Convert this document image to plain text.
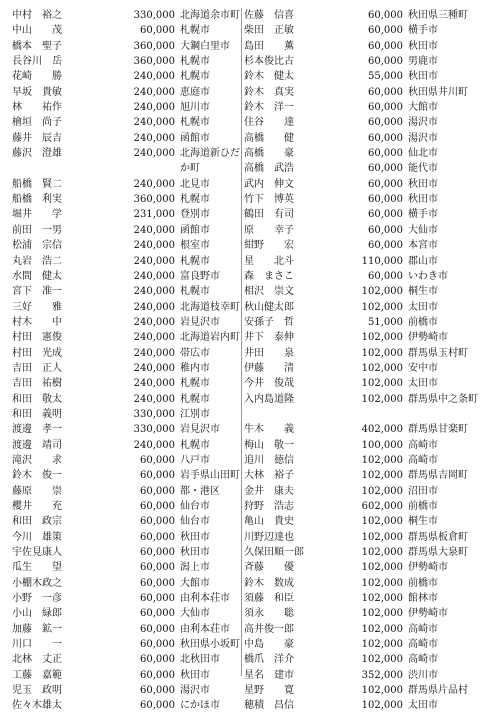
中村　裕之	330,000 北海道余市町
中山　　茂	60,000 札幌市
橋本　聖子	360,000 大鋼白里市
長谷川　岳	360,000 札幌市
花崎　　勝	240,000 札幌市
早坂　貴敏	240,000 恵庭市
林　　祐作	240,000 旭川市
檜垣　尚子	240,000 札幌市
藤井　辰吉	240,000 函館市
藤沢　澄雄	240,000 北海道新ひだか町
船橋　賢二	240,000 北見市
船橋　利実	360,000 札幌市
堀井　　学	231,000 登別市
前田　一男	240,000 函館市
松浦　宗信	240,000 根室市
丸岩　浩二	240,000 札幌市
水間　健太	240,000 富良野市
宮下　准一	240,000 札幌市
三好　　雅	240,000 北海道枝幸町
村木　　中	240,000 岩見沢市
村田　憲俊	240,000 北海道岩内町
村田　光成	240,000 帯広市
吉田　正人	240,000 稚内市
吉田　祐樹	240,000 札幌市
和田　敬太	240,000 札幌市
和田　義明	330,000 江別市
渡邊　孝一	330,000 岩見沢市
渡邊　靖司	240,000 札幌市
滝沢　　求	60,000 八戸市
鈴木　俊一	60,000 岩手県山田町
藤原　　崇	60,000 都・港区
櫻井　　充	60,000 仙台市
和田　政宗	60,000 仙台市
今川　雄策	60,000 秋田市
宇佐見康人	60,000 秋田市
瓜生　　望	60,000 潟上市
小棚木政之	60,000 大館市
小野　一彦	60,000 由利本荘市
小山　緑郎	60,000 大仙市
加藤　鉱一	60,000 由利本荘市
川口　　一	60,000 秋田県小坂町
北林　丈正	60,000 北秋田市
工藤　嘉範	60,000 秋田市
児玉　政明	60,000 湯沢市
佐々木雄太	60,000 にかほ市
佐藤　信喜	60,000 秋田県三種町
柴田　正敏	60,000 横手市
島田　　薫	60,000 秋田市
杉本俊比古	60,000 男鹿市
鈴木　健太	55,000 秋田市
鈴木　真実	60,000 秋田県井川町
鈴木　洋一	60,000 大館市
住谷　　達	60,000 湯沢市
高橋　　健	60,000 湯沢市
高橋　　豪	60,000 仙北市
高橋　武浩	60,000 能代市
武内　伸文	60,000 秋田市
竹下　博英	60,000 秋田市
鶴田　有司	60,000 横手市
原　　幸子	60,000 大仙市
紺野　　宏	60,000 本宮市
星　　北斗	110,000 郡山市
森　まさこ	60,000 いわき市
相沢　崇文	102,000 桐生市
秋山健太郎	102,000 太田市
安孫子　哲	51,000 前橋市
井下　泰伸	102,000 伊勢崎市
井田　　泉	102,000 群馬県玉村町
伊藤　　清	102,000 安中市
今井　俊哉	102,000 太田市
入内島道隆	102,000 群馬県中之条町
牛木　　義	402,000 群馬県甘楽町
梅山　敬一	100,000 高崎市
追川　徳信	102,000 高崎市
大林　裕子	102,000 群馬県吉岡町
金井　康夫	102,000 沼田市
狩野　浩志	602,000 前橋市
亀山　貴史	102,000 桐生市
川野辺達也	102,000 群馬県板倉町
久保田順一郎	102,000 群馬県大泉町
斉藤　　優	102,000 伊勢崎市
鈴木　数成	102,000 前橋市
須藤　和臣	102,000 館林市
須永　　聡	102,000 伊勢崎市
高井俊一郎	102,000 高崎市
中島　　豪	102,000 高崎市
橋爪　洋介	102,000 高崎市
星名　建市	352,000 渋川市
星野　　寛	102,000 群馬県片品村
穂積　昌信	102,000 太田市
